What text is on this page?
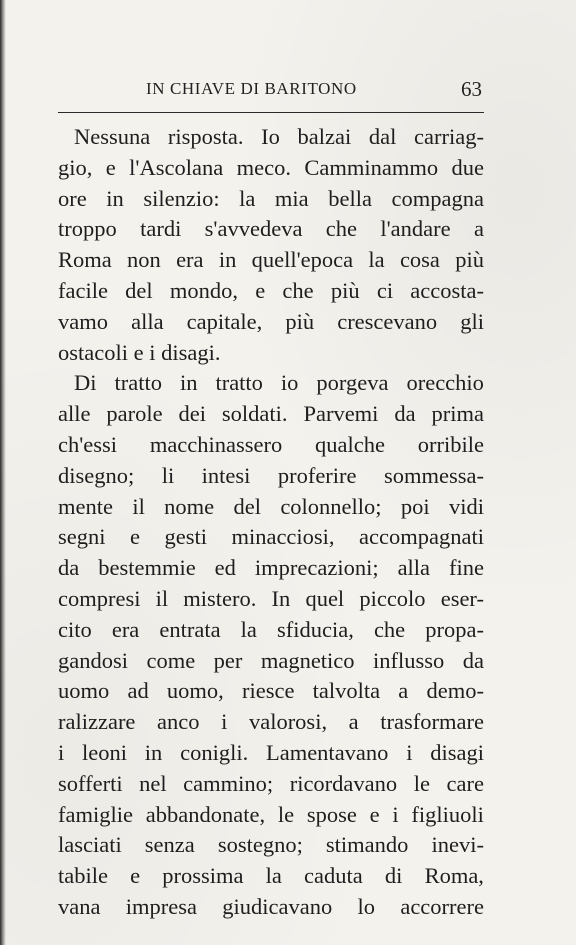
IN CHIAVE DI BARITONO	63
Nessuna risposta. Io balzai dal carriag-
gio, e l'Ascolana meco. Camminammo due
ore in silenzio: la mia bella compagna
troppo tardi s'avvedeva che l'andare a
Roma non era in quell'epoca la cosa più
facile del mondo, e che più ci accosta-
vamo alla capitale, più crescevano gli
ostacoli e i disagi.
Di tratto in tratto io porgeva orecchio
alle parole dei soldati. Parvemi da prima
ch'essi macchinassero qualche orribile
disegno; li intesi proferire sommessa-
mente il nome del colonnello; poi vidi
segni e gesti minacciosi, accompagnati
da bestemmie ed imprecazioni; alla fine
compresi il mistero. In quel piccolo eser-
cito era entrata la sfiducia, che propa-
gandosi come per magnetico influsso da
uomo ad uomo, riesce talvolta a demo-
ralizzare anco i valorosi, a trasformare
i leoni in conigli. Lamentavano i disagi
sofferti nel cammino; ricordavano le care
famiglie abbandonate, le spose e i figliuoli
lasciati senza sostegno; stimando inevi-
tabile e prossima la caduta di Roma,
vana impresa giudicavano lo accorrere
